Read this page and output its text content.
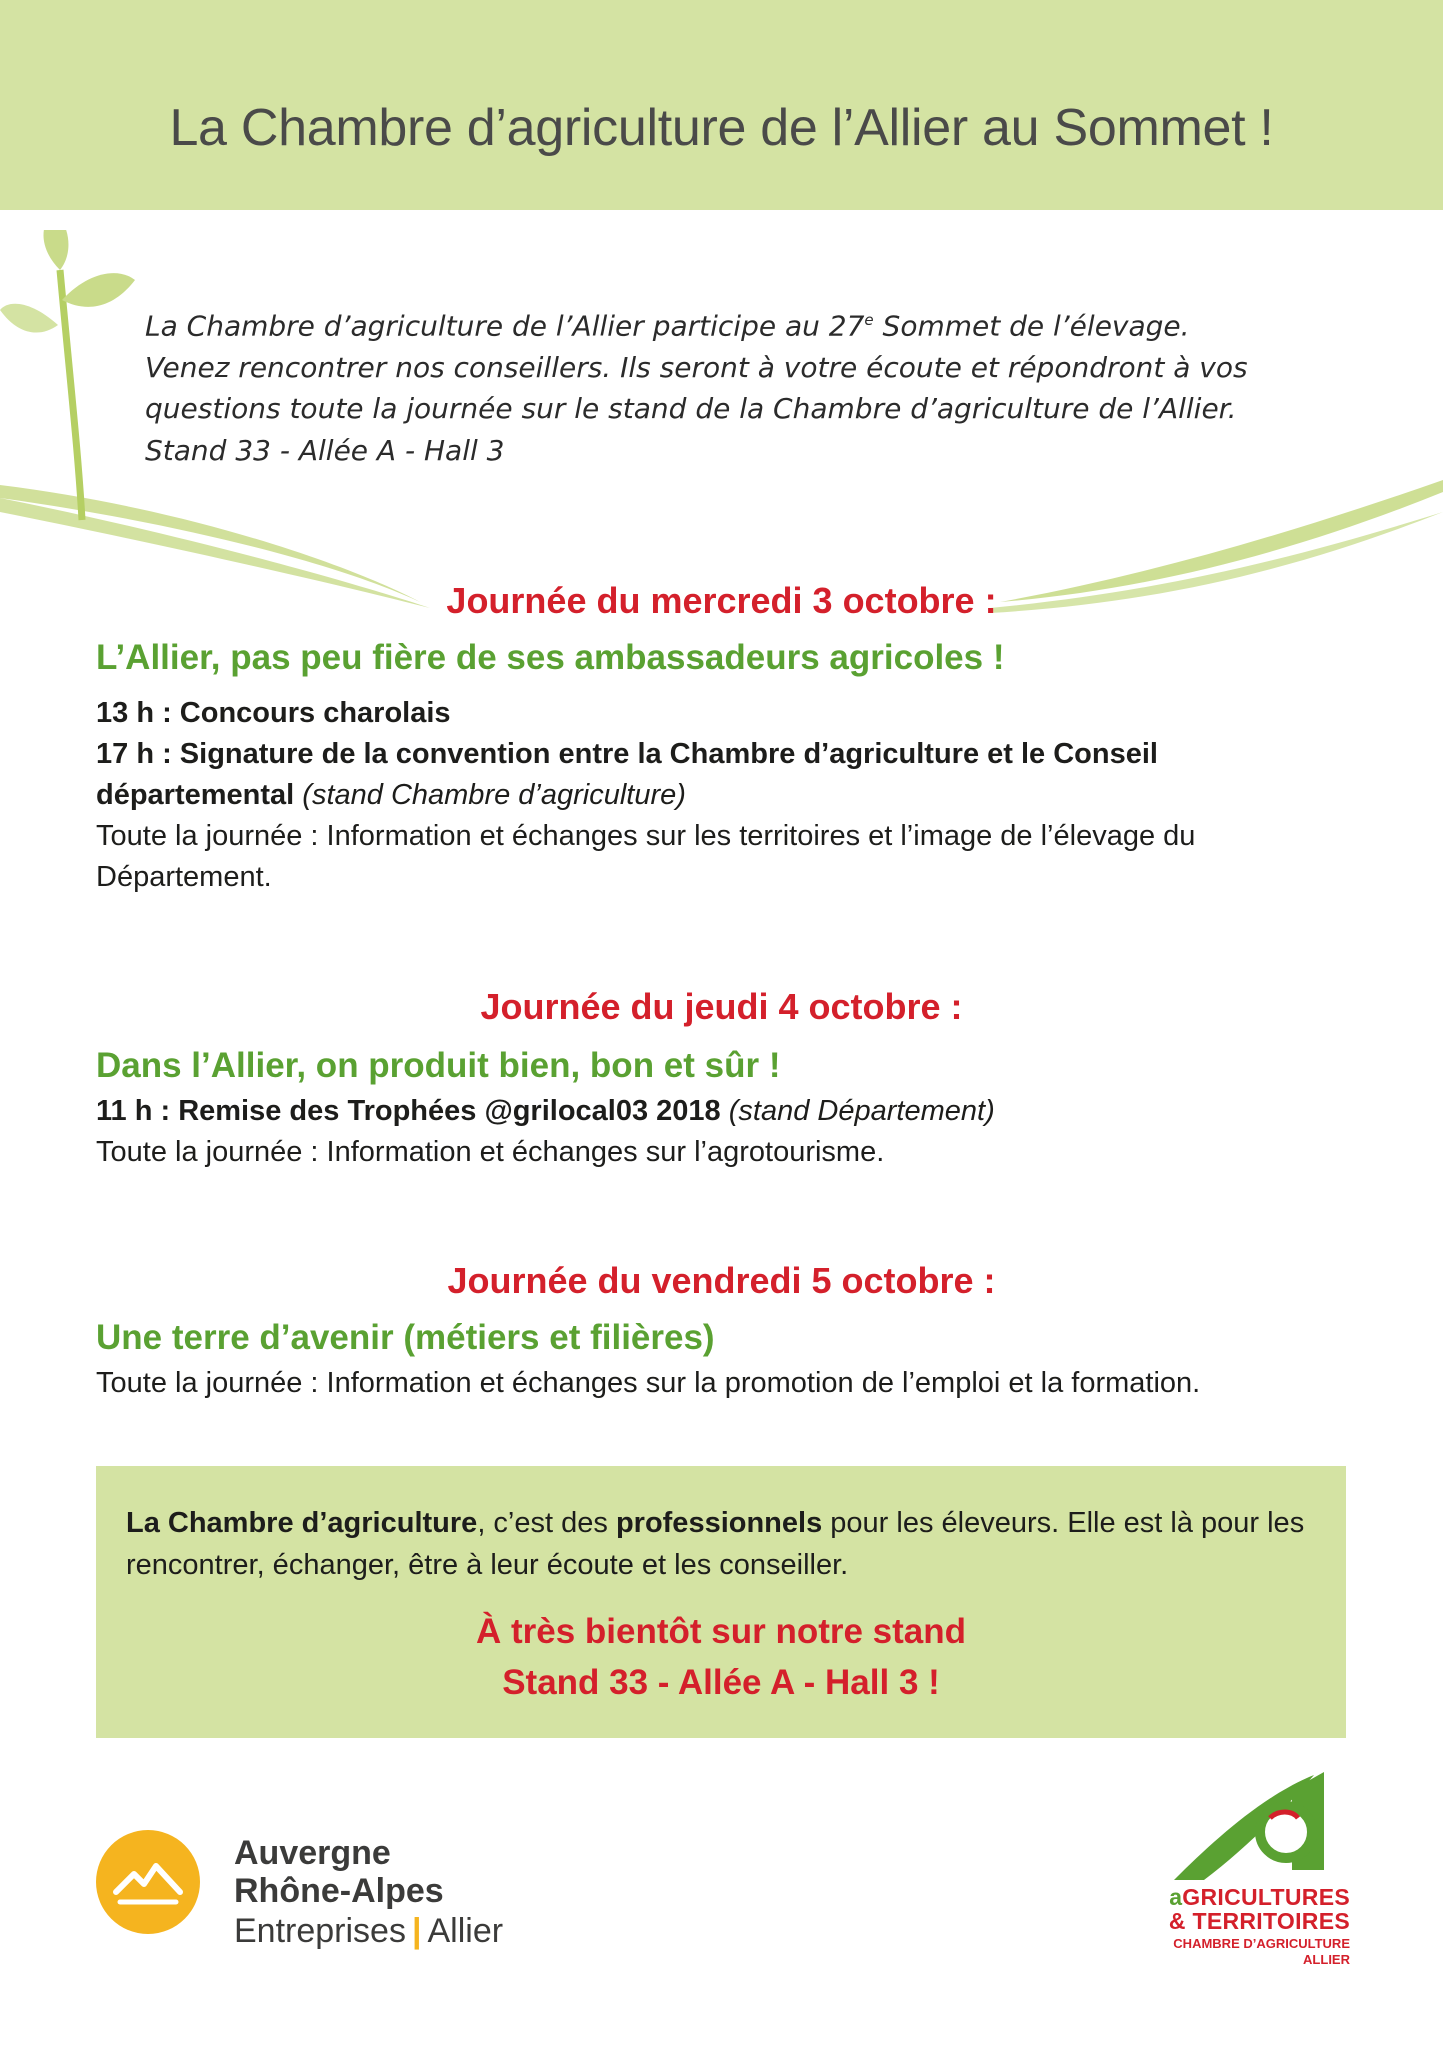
La Chambre d’agriculture de l’Allier au Sommet !

La Chambre d’agriculture de l’Allier participe au 27e Sommet de l’élevage.

Venez rencontrer nos conseillers. Ils seront à votre écoute et répondront à vos

questions toute la journée sur le stand de la Chambre d’agriculture de l’Allier.

Stand 33 - Allée A - Hall 3

Journée du mercredi 3 octobre :
L’Allier, pas peu fière de ses ambassadeurs agricoles !

13 h : Concours charolais

17 h : Signature de la convention entre la Chambre d’agriculture et le Conseil départemental (stand Chambre d’agriculture)

Toute la journée : Information et échanges sur les territoires et l’image de l’élevage du Département.

Journée du jeudi 4 octobre :
Dans l’Allier, on produit bien, bon et sûr !

11 h : Remise des Trophées @grilocal03 2018 (stand Département)

Toute la journée : Information et échanges sur l’agrotourisme.

Journée du vendredi 5 octobre :
Une terre d’avenir (métiers et filières)

Toute la journée : Information et échanges sur la promotion de l’emploi et la formation.

La Chambre d’agriculture, c’est des professionnels pour les éleveurs. Elle est là pour les rencontrer, échanger, être à leur écoute et les conseiller.
À très bientôt sur notre stand
Stand 33 - Allée A - Hall 3 !
Auvergne
Rhône-Alpes
Entreprises | Allier
aGRICULTURES
& TERRITOIRES
CHAMBRE D’AGRICULTURE
ALLIER
